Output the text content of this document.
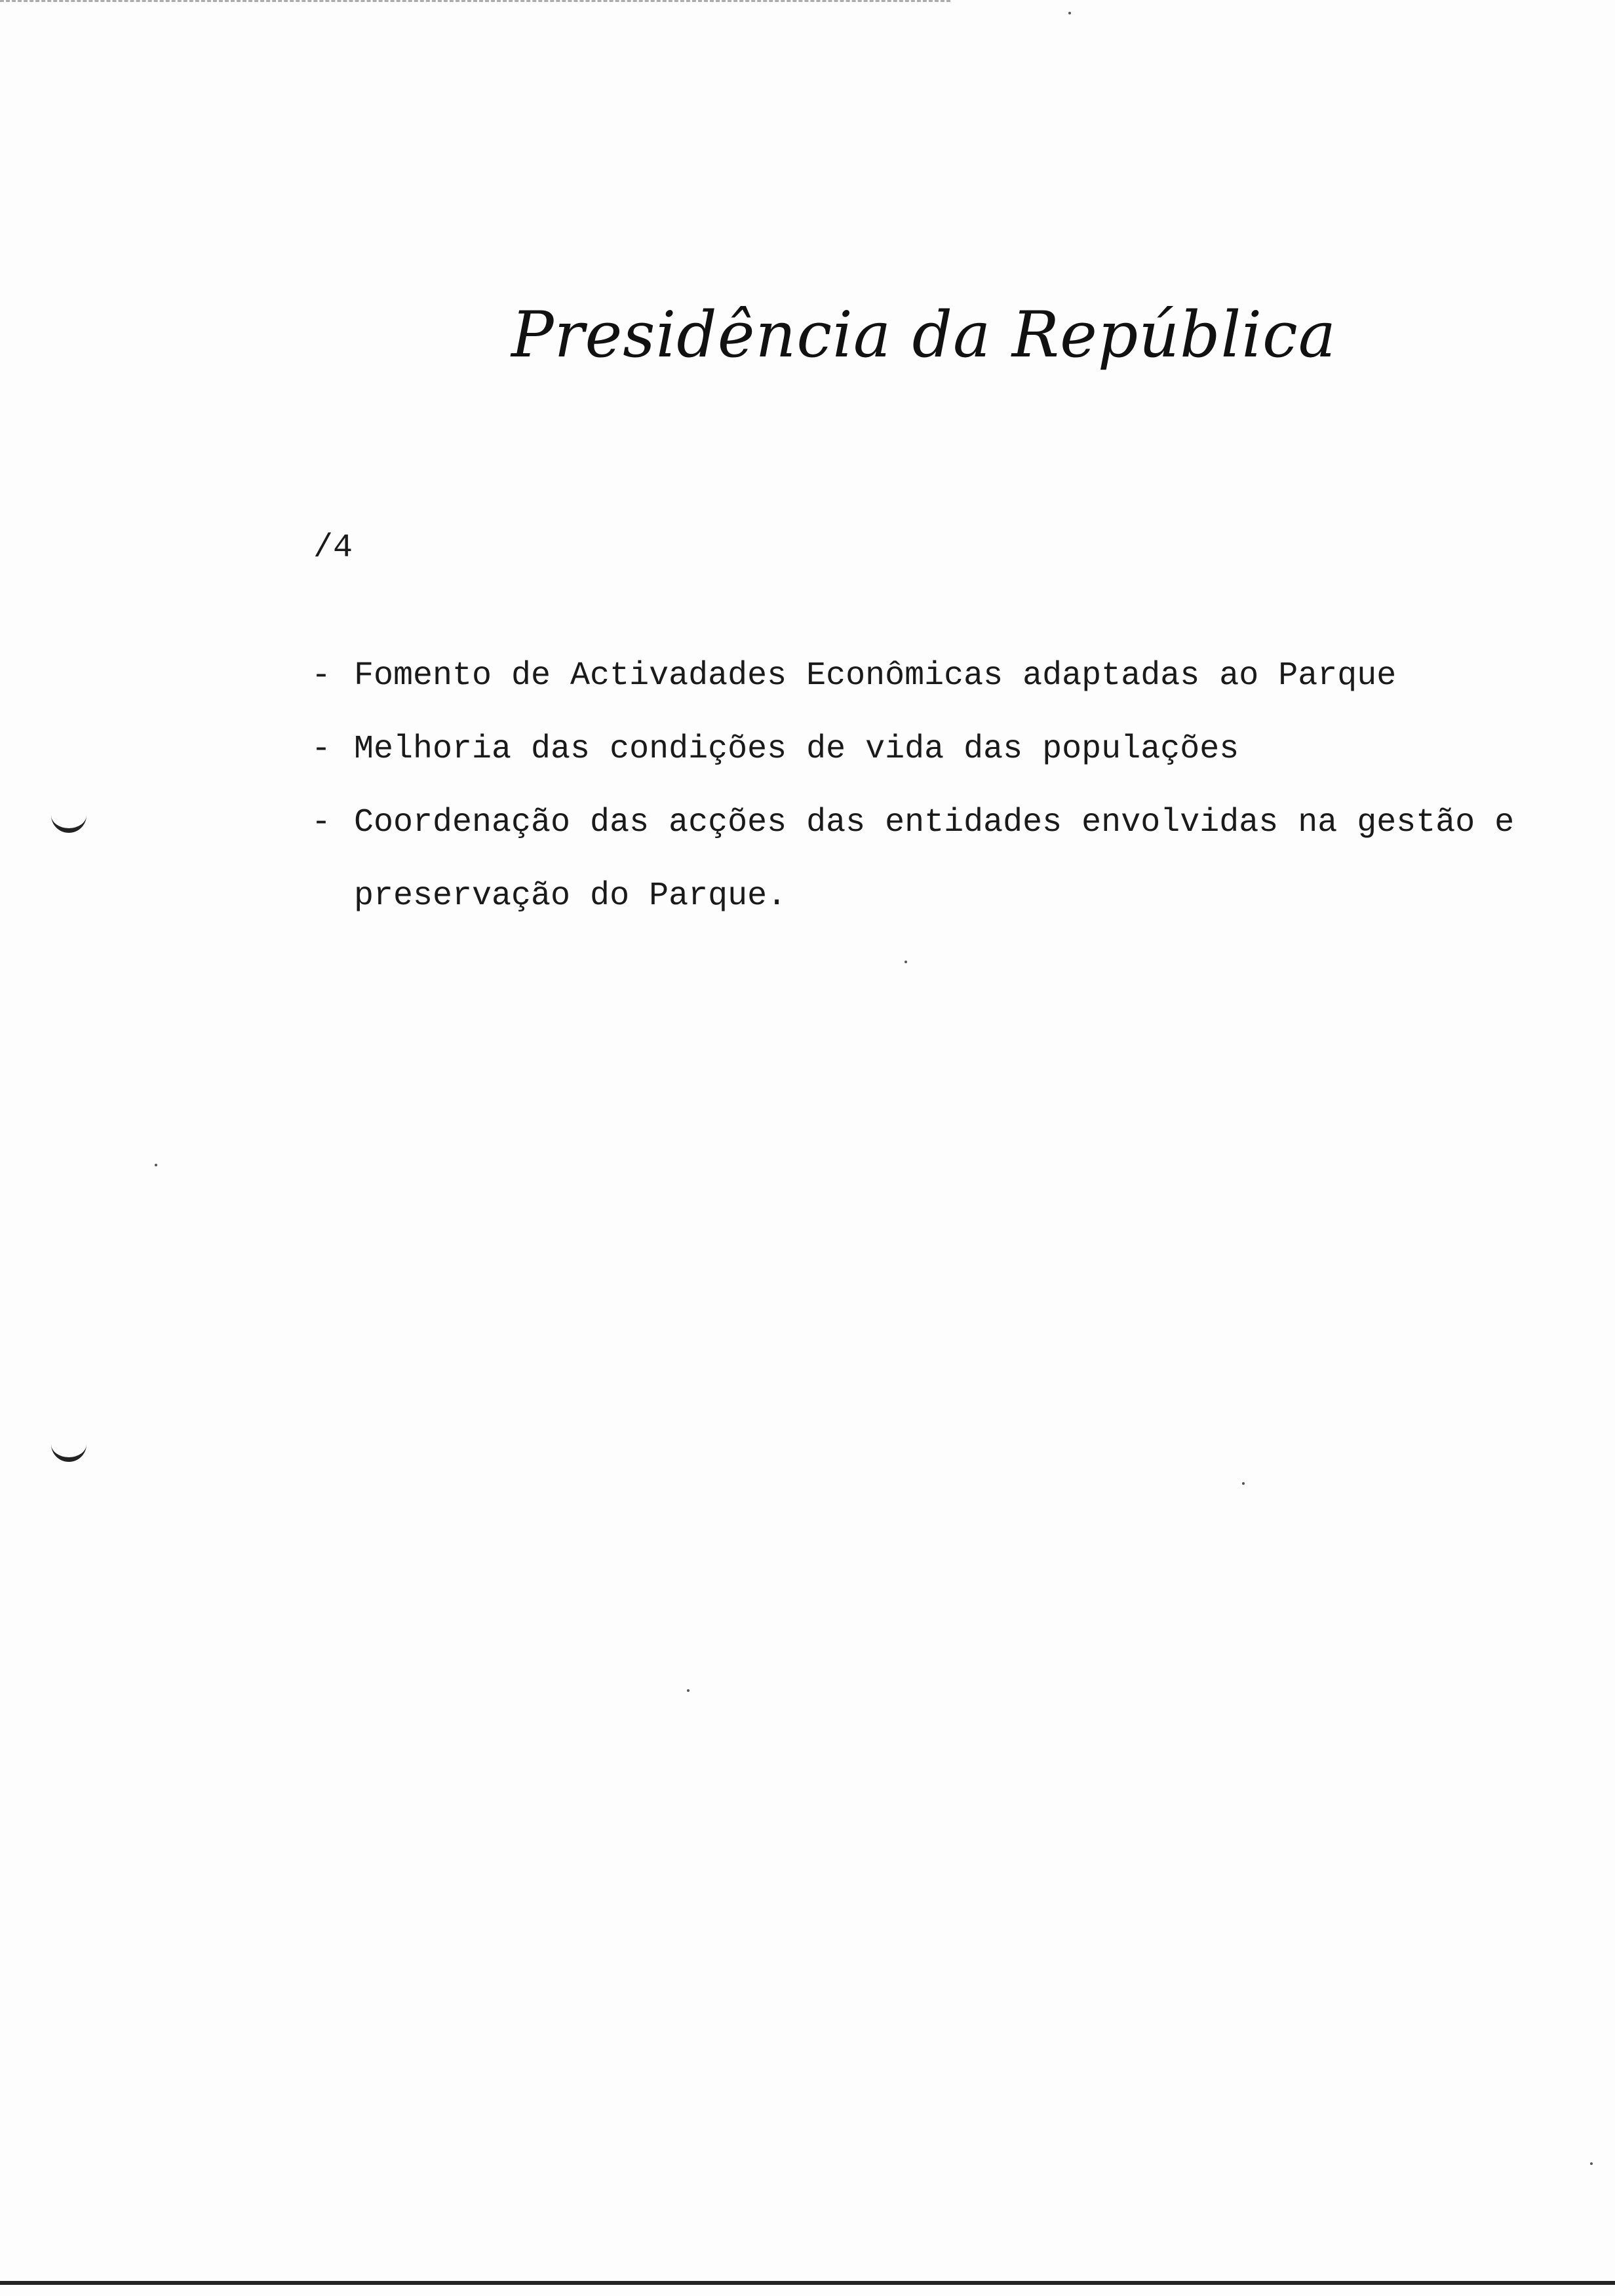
Presidência da República
/4
- Fomento de Activadades Econômicas adaptadas ao Parque
- Melhoria das condições de vida das populações
- Coordenação das acções das entidades envolvidas na gestão e preservação do Parque.
